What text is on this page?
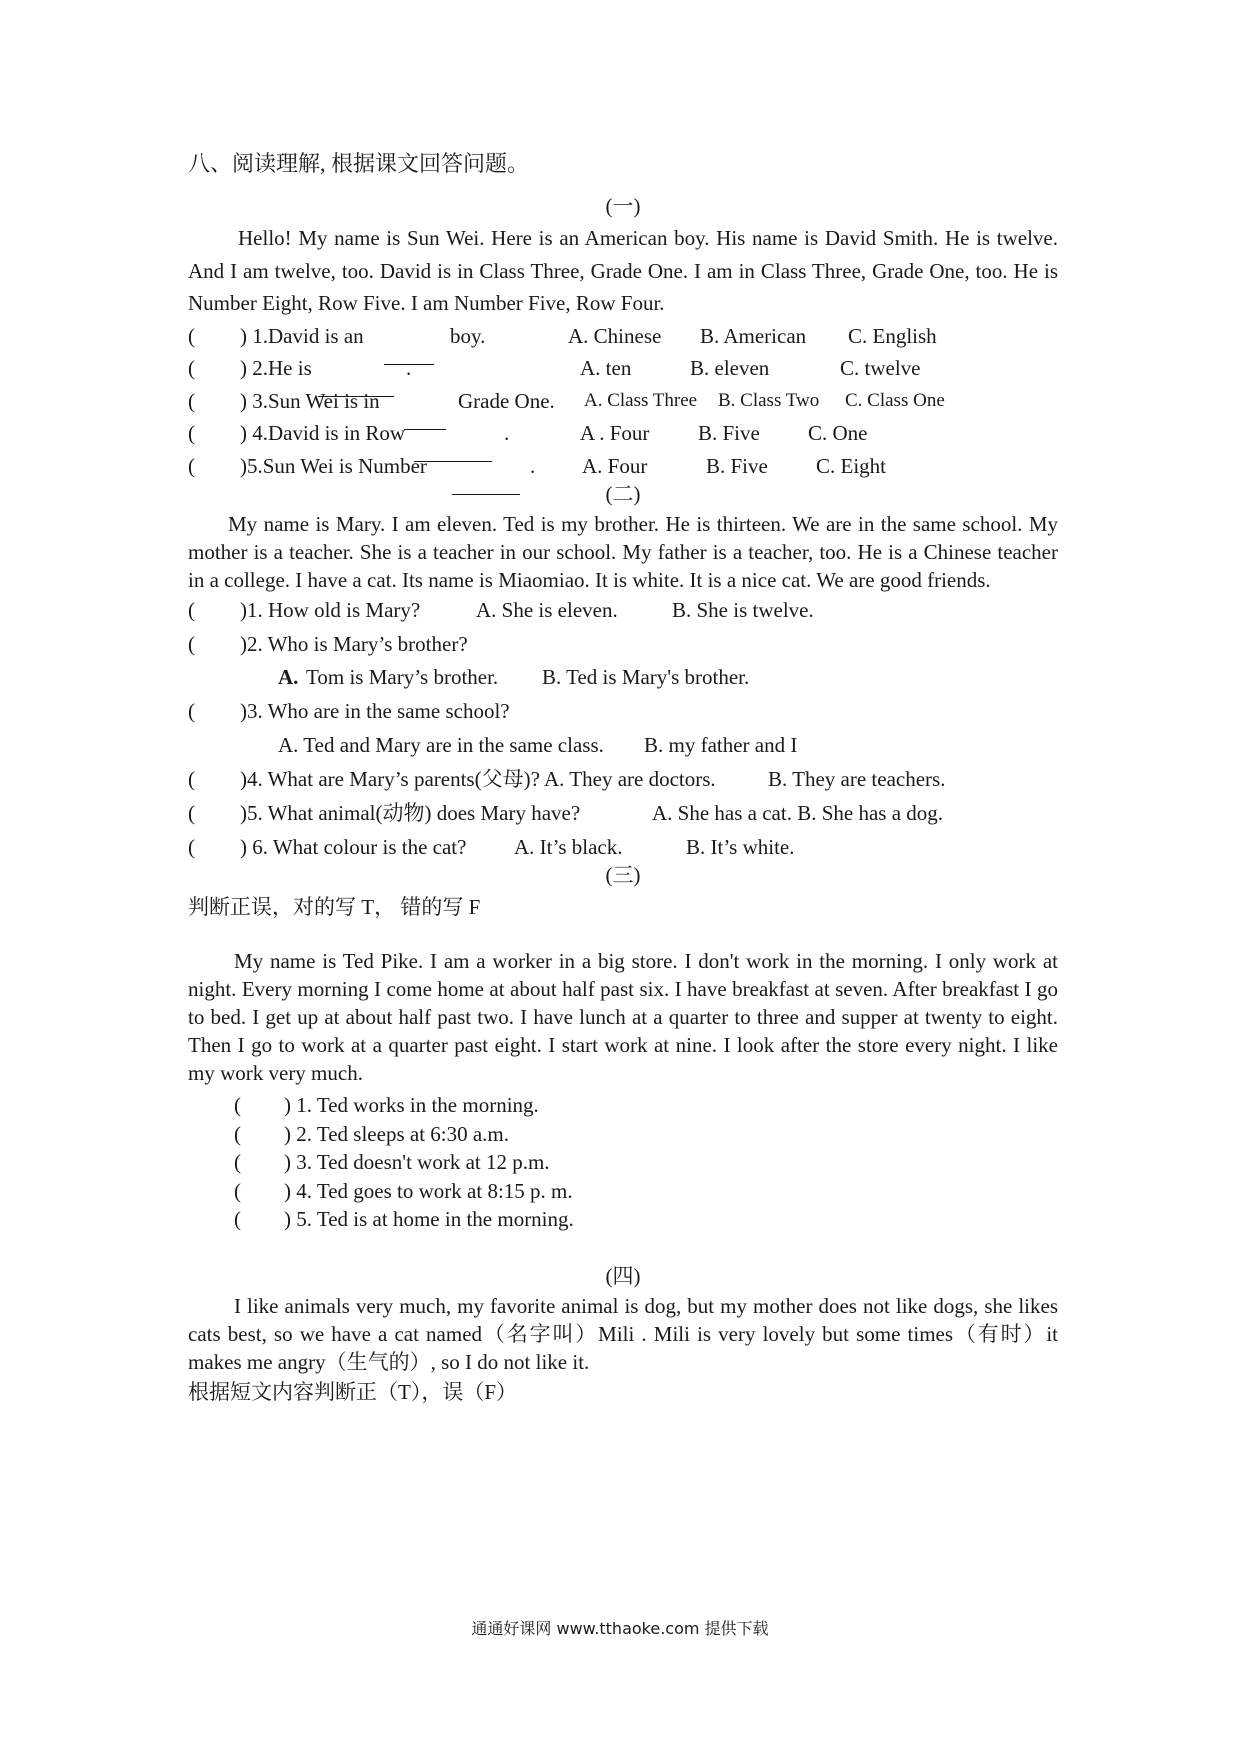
八、阅读理解, 根据课文回答问题。
(一)
Hello! My name is Sun Wei. Here is an American boy. His name is David Smith. He is twelve. And I am twelve, too. David is in Class Three, Grade One. I am in Class Three, Grade One, too. He is Number Eight, Row Five. I am Number Five, Row Four.
( ) 1.David is an	boy.	A. Chinese B. American C. English
( ) 2.He is	.	A. ten	B. eleven	C. twelve
( ) 3.Sun Wei is in	Grade One. A. Class Three B. Class Two C. Class One
( ) 4.David is in Row	.	A . Four B. Five C. One
( )5.Sun Wei is Number	. A. Four	B. Five C. Eight
(二)
My name is Mary. I am eleven. Ted is my brother. He is thirteen. We are in the same school. My mother is a teacher. She is a teacher in our school. My father is a teacher, too. He is a Chinese teacher in a college. I have a cat. Its name is Miaomiao. It is white. It is a nice cat. We are good friends.
( )1. How old is Mary?	A. She is eleven.	B. She is twelve.
( )2. Who is Mary’s brother?
A. Tom is Mary’s brother. B. Ted is Mary's brother.
( )3. Who are in the same school?
A. Ted and Mary are in the same class. B. my father and I
( )4. What are Mary’s parents(父母)? A. They are doctors. B. They are teachers.
( )5. What animal(动物) does Mary have?	A. She has a cat. B. She has a dog.
( ) 6. What colour is the cat? A. It’s black.	B. It’s white.
(三)
判断正误，对的写 T， 错的写 F
My name is Ted Pike. I am a worker in a big store. I don't work in the morning. I only work at night. Every morning I come home at about half past six. I have breakfast at seven. After breakfast I go to bed. I get up at about half past two. I have lunch at a quarter to three and supper at twenty to eight. Then I go to work at a quarter past eight. I start work at nine. I look after the store every night. I like my work very much.
( ) 1. Ted works in the morning.
( ) 2. Ted sleeps at 6:30 a.m.
( ) 3. Ted doesn't work at 12 p.m.
( ) 4. Ted goes to work at 8:15 p. m.
( ) 5. Ted is at home in the morning.
(四)
I like animals very much, my favorite animal is dog, but my mother does not like dogs, she likes cats best, so we have a cat named（名字叫）Mili . Mili is very lovely but some times（有时）it makes me angry（生气的）, so I do not like it.
根据短文内容判断正（T），误（F）
通通好课网 www.tthaoke.com 提供下载
